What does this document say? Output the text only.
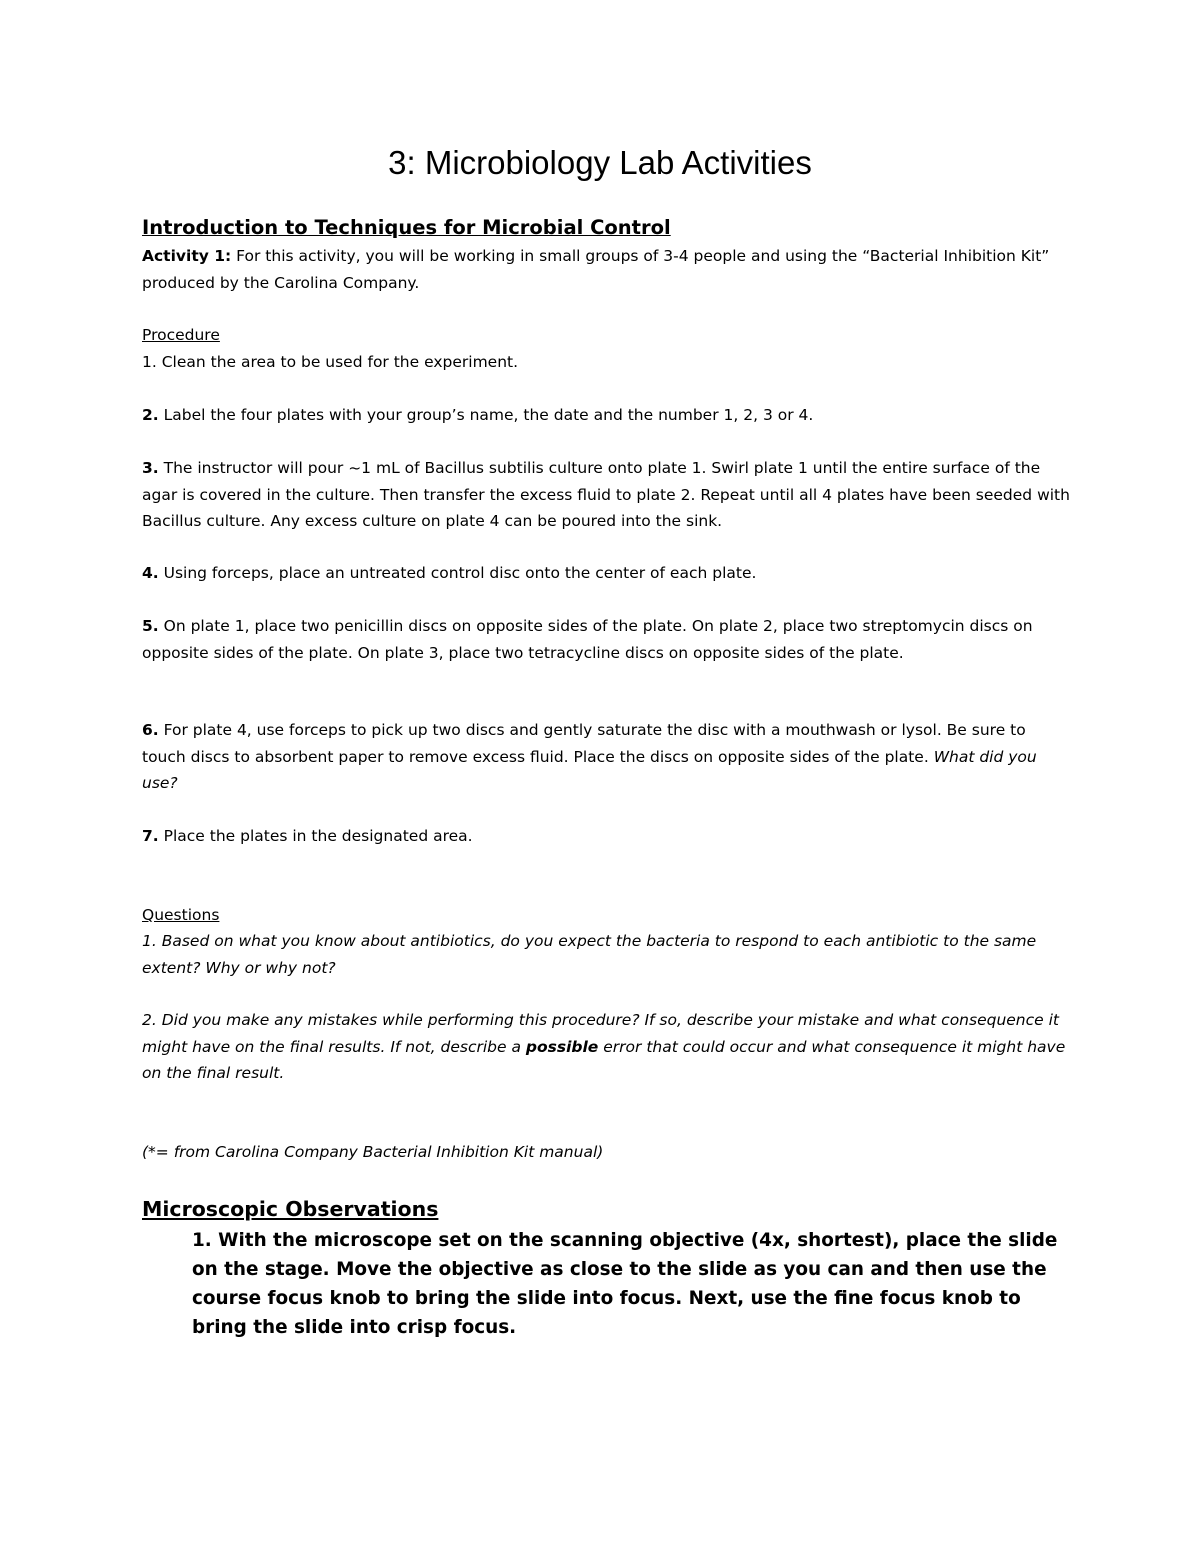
3: Microbiology Lab Activities
Introduction to Techniques for Microbial Control
Activity 1: For this activity, you will be working in small groups of 3-4 people and using the “Bacterial Inhibition Kit” produced by the Carolina Company.
Procedure
1. Clean the area to be used for the experiment.
2. Label the four plates with your group’s name, the date and the number 1, 2, 3 or 4.
3. The instructor will pour ~1 mL of Bacillus subtilis culture onto plate 1. Swirl plate 1 until the entire surface of the agar is covered in the culture. Then transfer the excess fluid to plate 2. Repeat until all 4 plates have been seeded with Bacillus culture. Any excess culture on plate 4 can be poured into the sink.
4. Using forceps, place an untreated control disc onto the center of each plate.
5. On plate 1, place two penicillin discs on opposite sides of the plate. On plate 2, place two streptomycin discs on opposite sides of the plate. On plate 3, place two tetracycline discs on opposite sides of the plate.
6. For plate 4, use forceps to pick up two discs and gently saturate the disc with a mouthwash or lysol. Be sure to touch discs to absorbent paper to remove excess fluid. Place the discs on opposite sides of the plate. What did you use?
7. Place the plates in the designated area.
Questions
1. Based on what you know about antibiotics, do you expect the bacteria to respond to each antibiotic to the same extent? Why or why not?
2. Did you make any mistakes while performing this procedure? If so, describe your mistake and what consequence it might have on the final results. If not, describe a possible error that could occur and what consequence it might have on the final result.
(*= from Carolina Company Bacterial Inhibition Kit manual)
Microscopic Observations
1. With the microscope set on the scanning objective (4x, shortest), place the slide on the stage. Move the objective as close to the slide as you can and then use the course focus knob to bring the slide into focus. Next, use the fine focus knob to bring the slide into crisp focus.
